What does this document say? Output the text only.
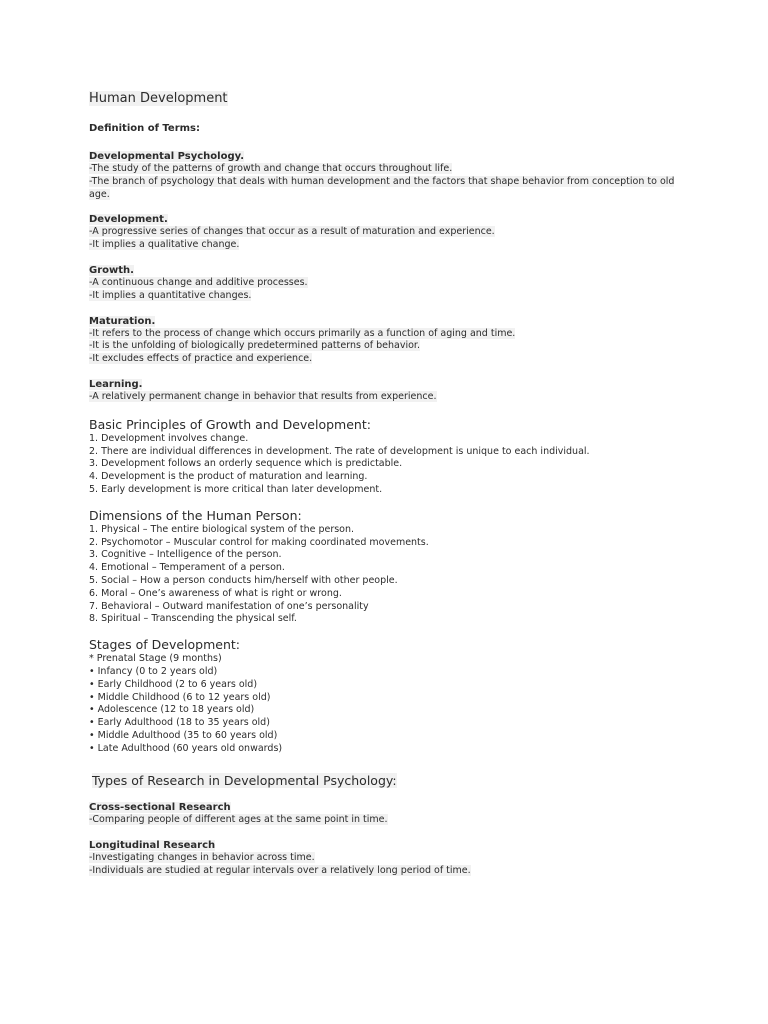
Human Development
Definition of Terms:
Developmental Psychology.
-The study of the patterns of growth and change that occurs throughout life.
-The branch of psychology that deals with human development and the factors that shape behavior from conception to old
age.
Development.
-A progressive series of changes that occur as a result of maturation and experience.
-It implies a qualitative change.
Growth.
-A continuous change and additive processes.
-It implies a quantitative changes.
Maturation.
-It refers to the process of change which occurs primarily as a function of aging and time.
-It is the unfolding of biologically predetermined patterns of behavior.
-It excludes effects of practice and experience.
Learning.
-A relatively permanent change in behavior that results from experience.
Basic Principles of Growth and Development:
1. Development involves change.
2. There are individual differences in development. The rate of development is unique to each individual.
3. Development follows an orderly sequence which is predictable.
4. Development is the product of maturation and learning.
5. Early development is more critical than later development.
Dimensions of the Human Person:
1. Physical – The entire biological system of the person.
2. Psychomotor – Muscular control for making coordinated movements.
3. Cognitive – Intelligence of the person.
4. Emotional – Temperament of a person.
5. Social – How a person conducts him/herself with other people.
6. Moral – One’s awareness of what is right or wrong.
7. Behavioral – Outward manifestation of one’s personality
8. Spiritual – Transcending the physical self.
Stages of Development:
* Prenatal Stage (9 months)
• Infancy (0 to 2 years old)
• Early Childhood (2 to 6 years old)
• Middle Childhood (6 to 12 years old)
• Adolescence (12 to 18 years old)
• Early Adulthood (18 to 35 years old)
• Middle Adulthood (35 to 60 years old)
• Late Adulthood (60 years old onwards)
Types of Research in Developmental Psychology:
Cross-sectional Research
-Comparing people of different ages at the same point in time.
Longitudinal Research
-Investigating changes in behavior across time.
-Individuals are studied at regular intervals over a relatively long period of time.
